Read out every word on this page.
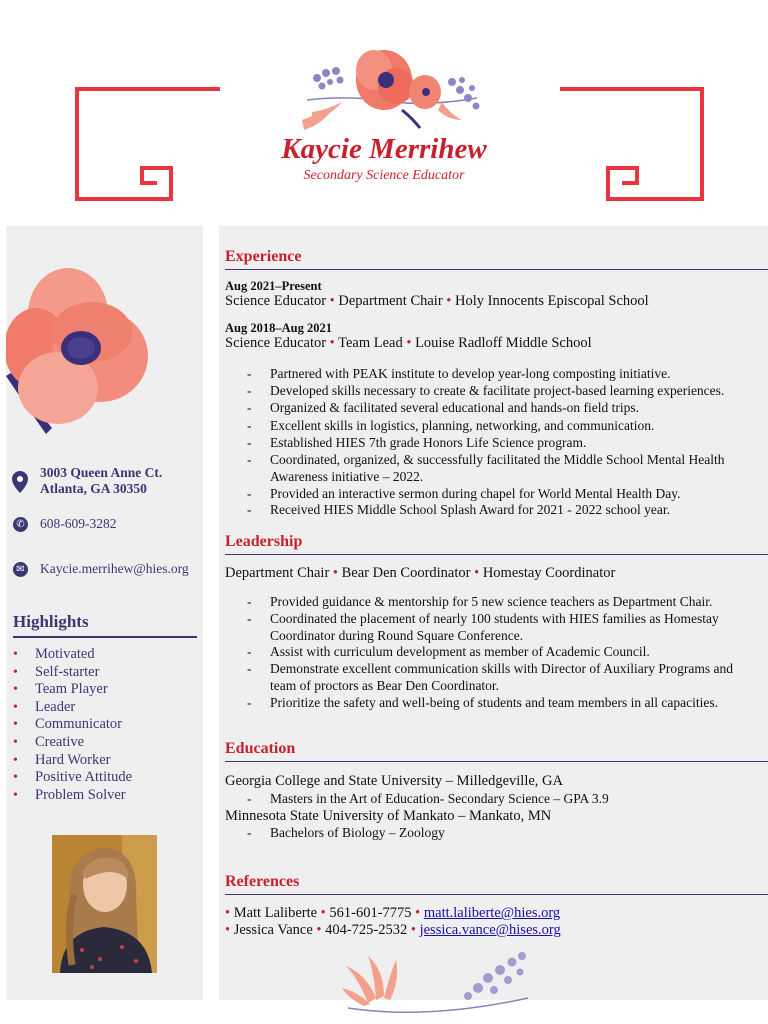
Kaycie Merrihew
Secondary Science Educator
3003 Queen Anne Ct.
Atlanta, GA 30350
✆ 608-609-3282
✉ Kaycie.merrihew@hies.org
Highlights
• Motivated
• Self-starter
• Team Player
• Leader
• Communicator
• Creative
• Hard Worker
• Positive Attitude
• Problem Solver
Experience
Aug 2021–Present
Science Educator • Department Chair • Holy Innocents Episcopal School
Aug 2018–Aug 2021
Science Educator • Team Lead • Louise Radloff Middle School
- Partnered with PEAK institute to develop year-long composting initiative.
- Developed skills necessary to create & facilitate project-based learning experiences.
- Organized & facilitated several educational and hands-on field trips.
- Excellent skills in logistics, planning, networking, and communication.
- Established HIES 7th grade Honors Life Science program.
- Coordinated, organized, & successfully facilitated the Middle School Mental Health Awareness initiative – 2022.
- Provided an interactive sermon during chapel for World Mental Health Day.
- Received HIES Middle School Splash Award for 2021 - 2022 school year.
Leadership
Department Chair • Bear Den Coordinator • Homestay Coordinator
- Provided guidance & mentorship for 5 new science teachers as Department Chair.
- Coordinated the placement of nearly 100 students with HIES families as Homestay Coordinator during Round Square Conference.
- Assist with curriculum development as member of Academic Council.
- Demonstrate excellent communication skills with Director of Auxiliary Programs and team of proctors as Bear Den Coordinator.
- Prioritize the safety and well-being of students and team members in all capacities.
Education
Georgia College and State University – Milledgeville, GA
- Masters in the Art of Education- Secondary Science – GPA 3.9
Minnesota State University of Mankato – Mankato, MN
- Bachelors of Biology – Zoology
References
• Matt Laliberte • 561-601-7775 • matt.laliberte@hies.org
• Jessica Vance • 404-725-2532 • jessica.vance@hises.org
